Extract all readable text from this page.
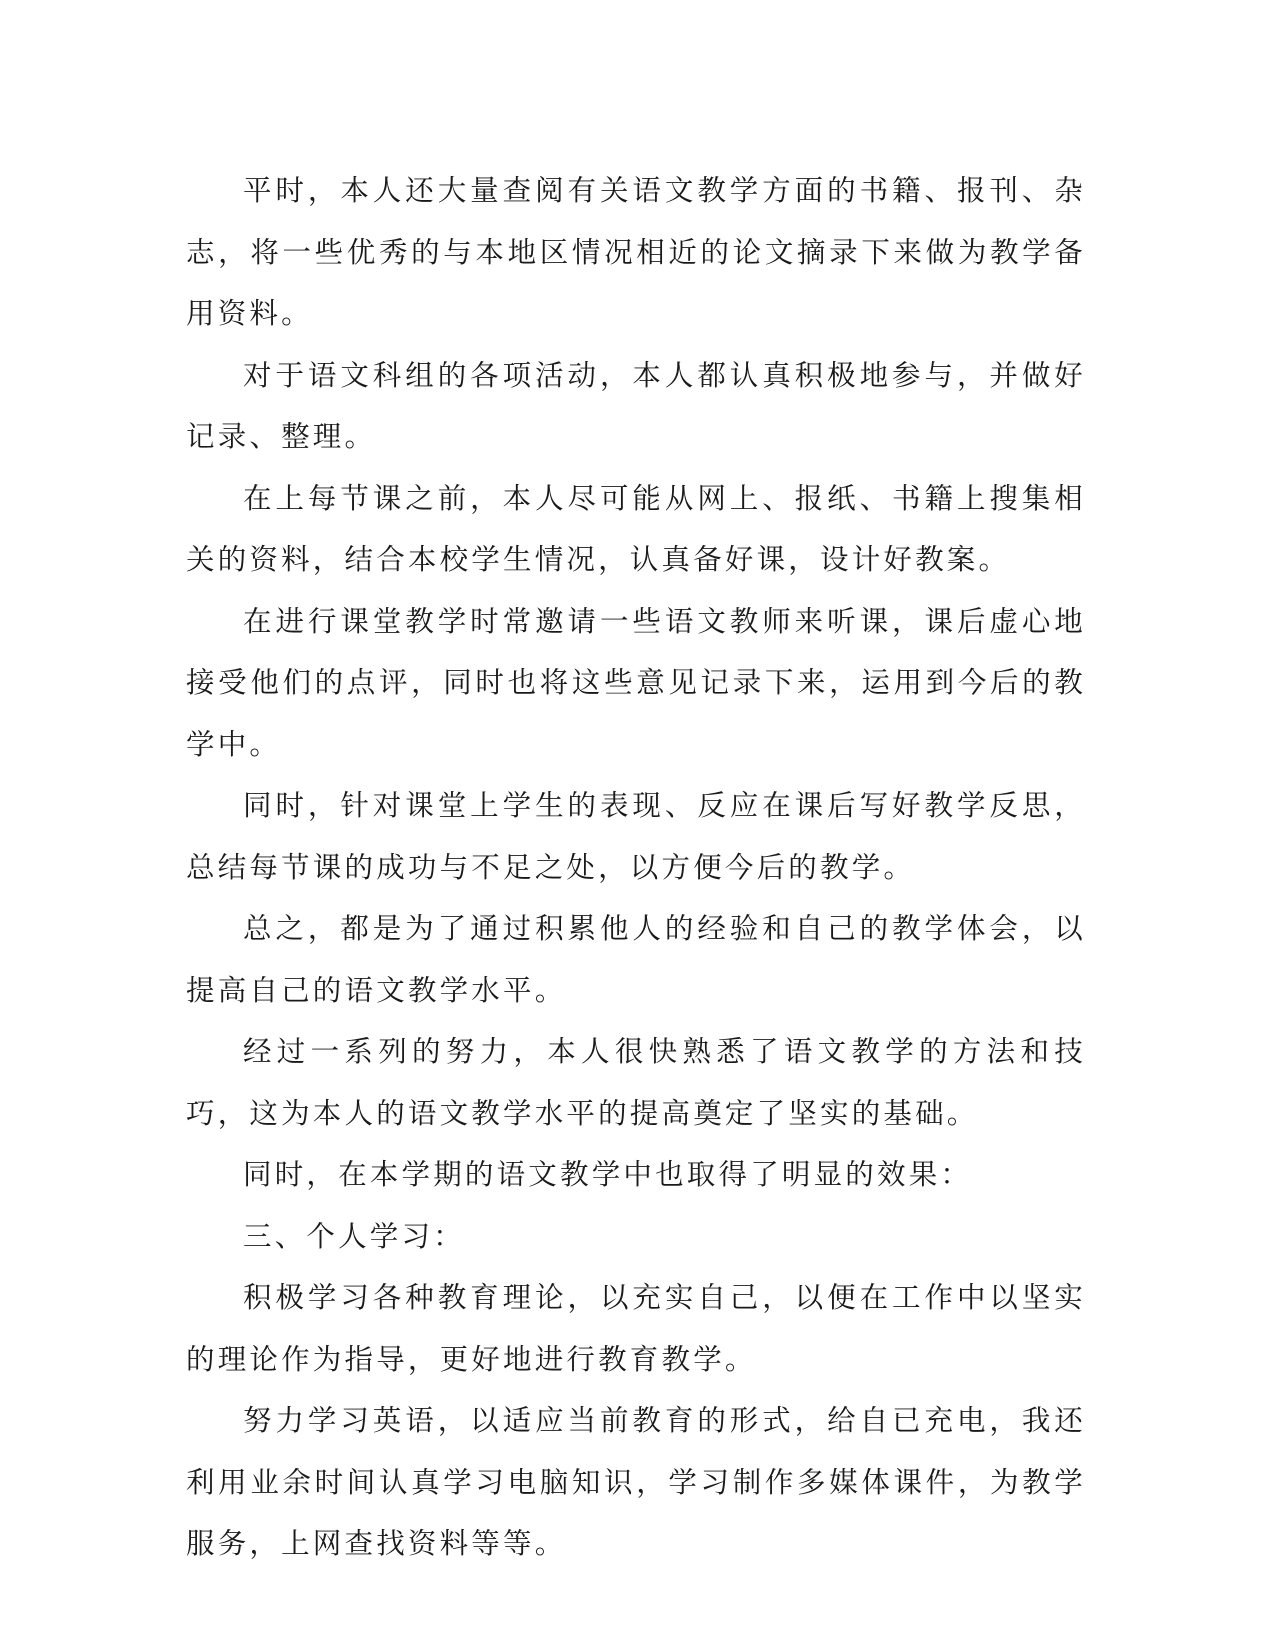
平时，本人还大量查阅有关语文教学方面的书籍、报刊、杂志，将一些优秀的与本地区情况相近的论文摘录下来做为教学备用资料。

对于语文科组的各项活动，本人都认真积极地参与，并做好记录、整理。

在上每节课之前，本人尽可能从网上、报纸、书籍上搜集相关的资料，结合本校学生情况，认真备好课，设计好教案。

在进行课堂教学时常邀请一些语文教师来听课，课后虚心地接受他们的点评，同时也将这些意见记录下来，运用到今后的教学中。

同时，针对课堂上学生的表现、反应在课后写好教学反思，总结每节课的成功与不足之处，以方便今后的教学。

总之，都是为了通过积累他人的经验和自己的教学体会，以提高自己的语文教学水平。

经过一系列的努力，本人很快熟悉了语文教学的方法和技巧，这为本人的语文教学水平的提高奠定了坚实的基础。

同时，在本学期的语文教学中也取得了明显的效果：

三、个人学习：

积极学习各种教育理论，以充实自己，以便在工作中以坚实的理论作为指导，更好地进行教育教学。

努力学习英语，以适应当前教育的形式，给自已充电，我还利用业余时间认真学习电脑知识，学习制作多媒体课件，为教学服务，上网查找资料等等。
